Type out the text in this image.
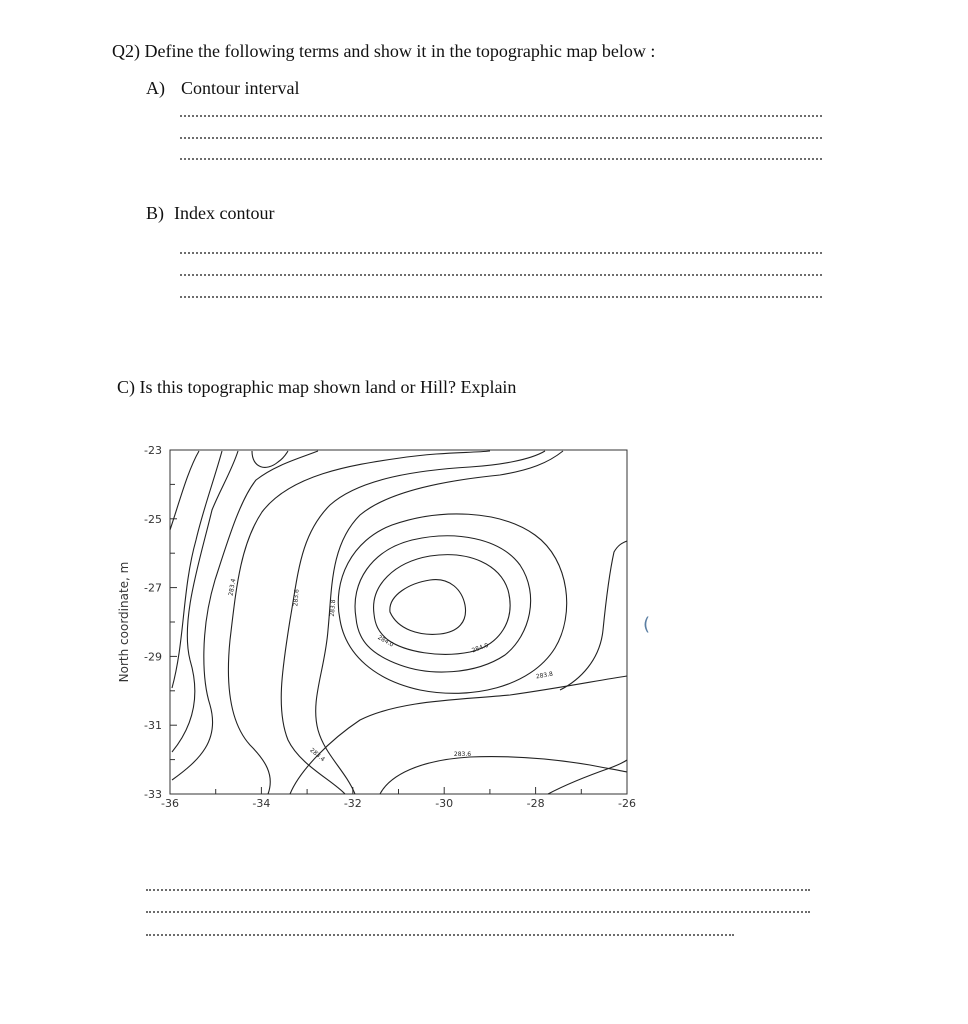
Q2) Define the following terms and show it in the topographic map below :
A) Contour interval
B) Index contour
C) Is this topographic map shown land or Hill? Explain
-36	-34	-32	-30	-28	-26
-23
-25
-27
-29
-31
-33
283.4
283.6
283.8
284.0	284.0
283.8
283.6
283.4
North coordinate, m	(
